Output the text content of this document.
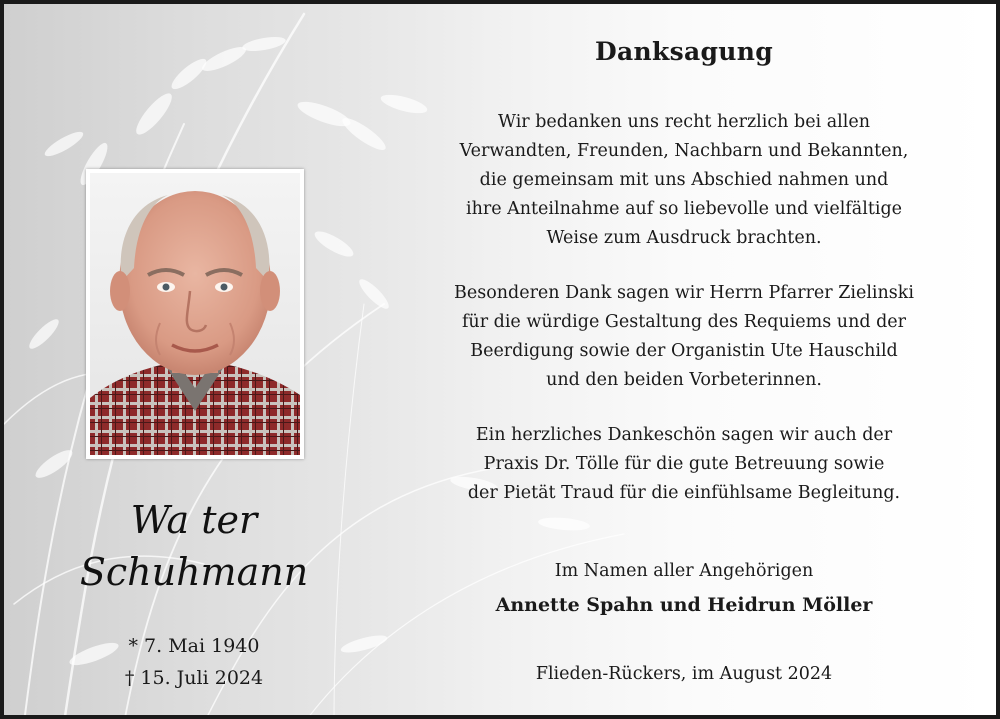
Wa ter
Schuhmann
* 7. Mai 1940
† 15. Juli 2024
Danksagung
Wir bedanken uns recht herzlich bei allen
Verwandten, Freunden, Nachbarn und Bekannten,
die gemeinsam mit uns Abschied nahmen und
ihre Anteilnahme auf so liebevolle und vielfältige
Weise zum Ausdruck brachten.
Besonderen Dank sagen wir Herrn Pfarrer Zielinski
für die würdige Gestaltung des Requiems und der
Beerdigung sowie der Organistin Ute Hauschild
und den beiden Vorbeterinnen.
Ein herzliches Dankeschön sagen wir auch der
Praxis Dr. Tölle für die gute Betreuung sowie
der Pietät Traud für die einfühlsame Begleitung.
Im Namen aller Angehörigen
Annette Spahn und Heidrun Möller
Flieden-Rückers, im August 2024
